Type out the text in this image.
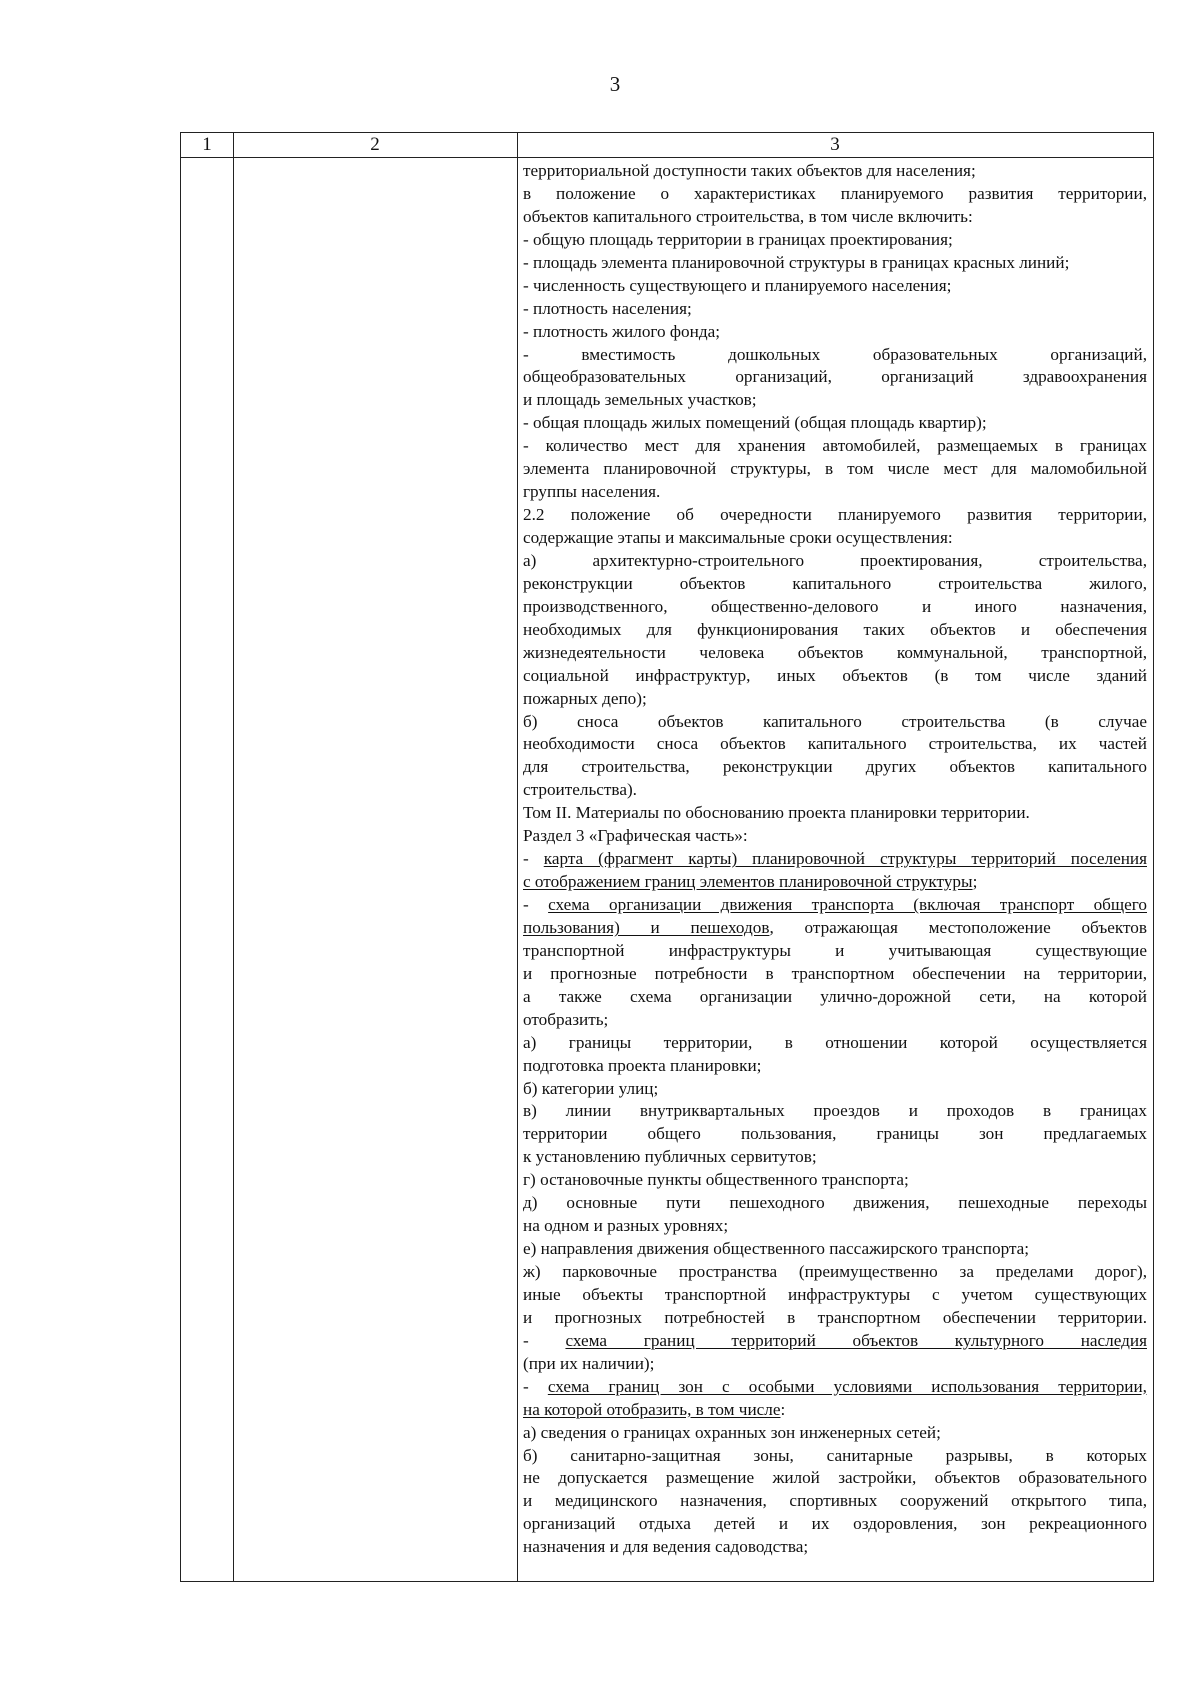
3
1	2	3
территориальной доступности таких объектов для населения;
в положение о характеристиках планируемого развития территории,
объектов капитального строительства, в том числе включить:
- общую площадь территории в границах проектирования;
- площадь элемента планировочной структуры в границах красных линий;
- численность существующего и планируемого населения;
- плотность населения;
- плотность жилого фонда;
- вместимость дошкольных образовательных организаций,
общеобразовательных организаций, организаций здравоохранения
и площадь земельных участков;
- общая площадь жилых помещений (общая площадь квартир);
- количество мест для хранения автомобилей, размещаемых в границах
элемента планировочной структуры, в том числе мест для маломобильной
группы населения.
2.2 положение об очередности планируемого развития территории,
содержащие этапы и максимальные сроки осуществления:
а) архитектурно-строительного проектирования, строительства,
реконструкции объектов капитального строительства жилого,
производственного, общественно-делового и иного назначения,
необходимых для функционирования таких объектов и обеспечения
жизнедеятельности человека объектов коммунальной, транспортной,
социальной инфраструктур, иных объектов (в том числе зданий
пожарных депо);
б) сноса объектов капитального строительства (в случае
необходимости сноса объектов капитального строительства, их частей
для строительства, реконструкции других объектов капитального
строительства).
Том II. Материалы по обоснованию проекта планировки территории.
Раздел 3 «Графическая часть»:
- карта (фрагмент карты) планировочной структуры территорий поселения
с отображением границ элементов планировочной структуры;
- схема организации движения транспорта (включая транспорт общего
пользования) и пешеходов, отражающая местоположение объектов
транспортной инфраструктуры и учитывающая существующие
и прогнозные потребности в транспортном обеспечении на территории,
а также схема организации улично-дорожной сети, на которой
отобразить;
а) границы территории, в отношении которой осуществляется
подготовка проекта планировки;
б) категории улиц;
в) линии внутриквартальных проездов и проходов в границах
территории общего пользования, границы зон предлагаемых
к установлению публичных сервитутов;
г) остановочные пункты общественного транспорта;
д) основные пути пешеходного движения, пешеходные переходы
на одном и разных уровнях;
е) направления движения общественного пассажирского транспорта;
ж) парковочные пространства (преимущественно за пределами дорог),
иные объекты транспортной инфраструктуры с учетом существующих
и прогнозных потребностей в транспортном обеспечении территории.
- схема границ территорий объектов культурного наследия
(при их наличии);
- схема границ зон с особыми условиями использования территории,
на которой отобразить, в том числе:
а) сведения о границах охранных зон инженерных сетей;
б) санитарно-защитная зоны, санитарные разрывы, в которых
не допускается размещение жилой застройки, объектов образовательного
и медицинского назначения, спортивных сооружений открытого типа,
организаций отдыха детей и их оздоровления, зон рекреационного
назначения и для ведения садоводства;
